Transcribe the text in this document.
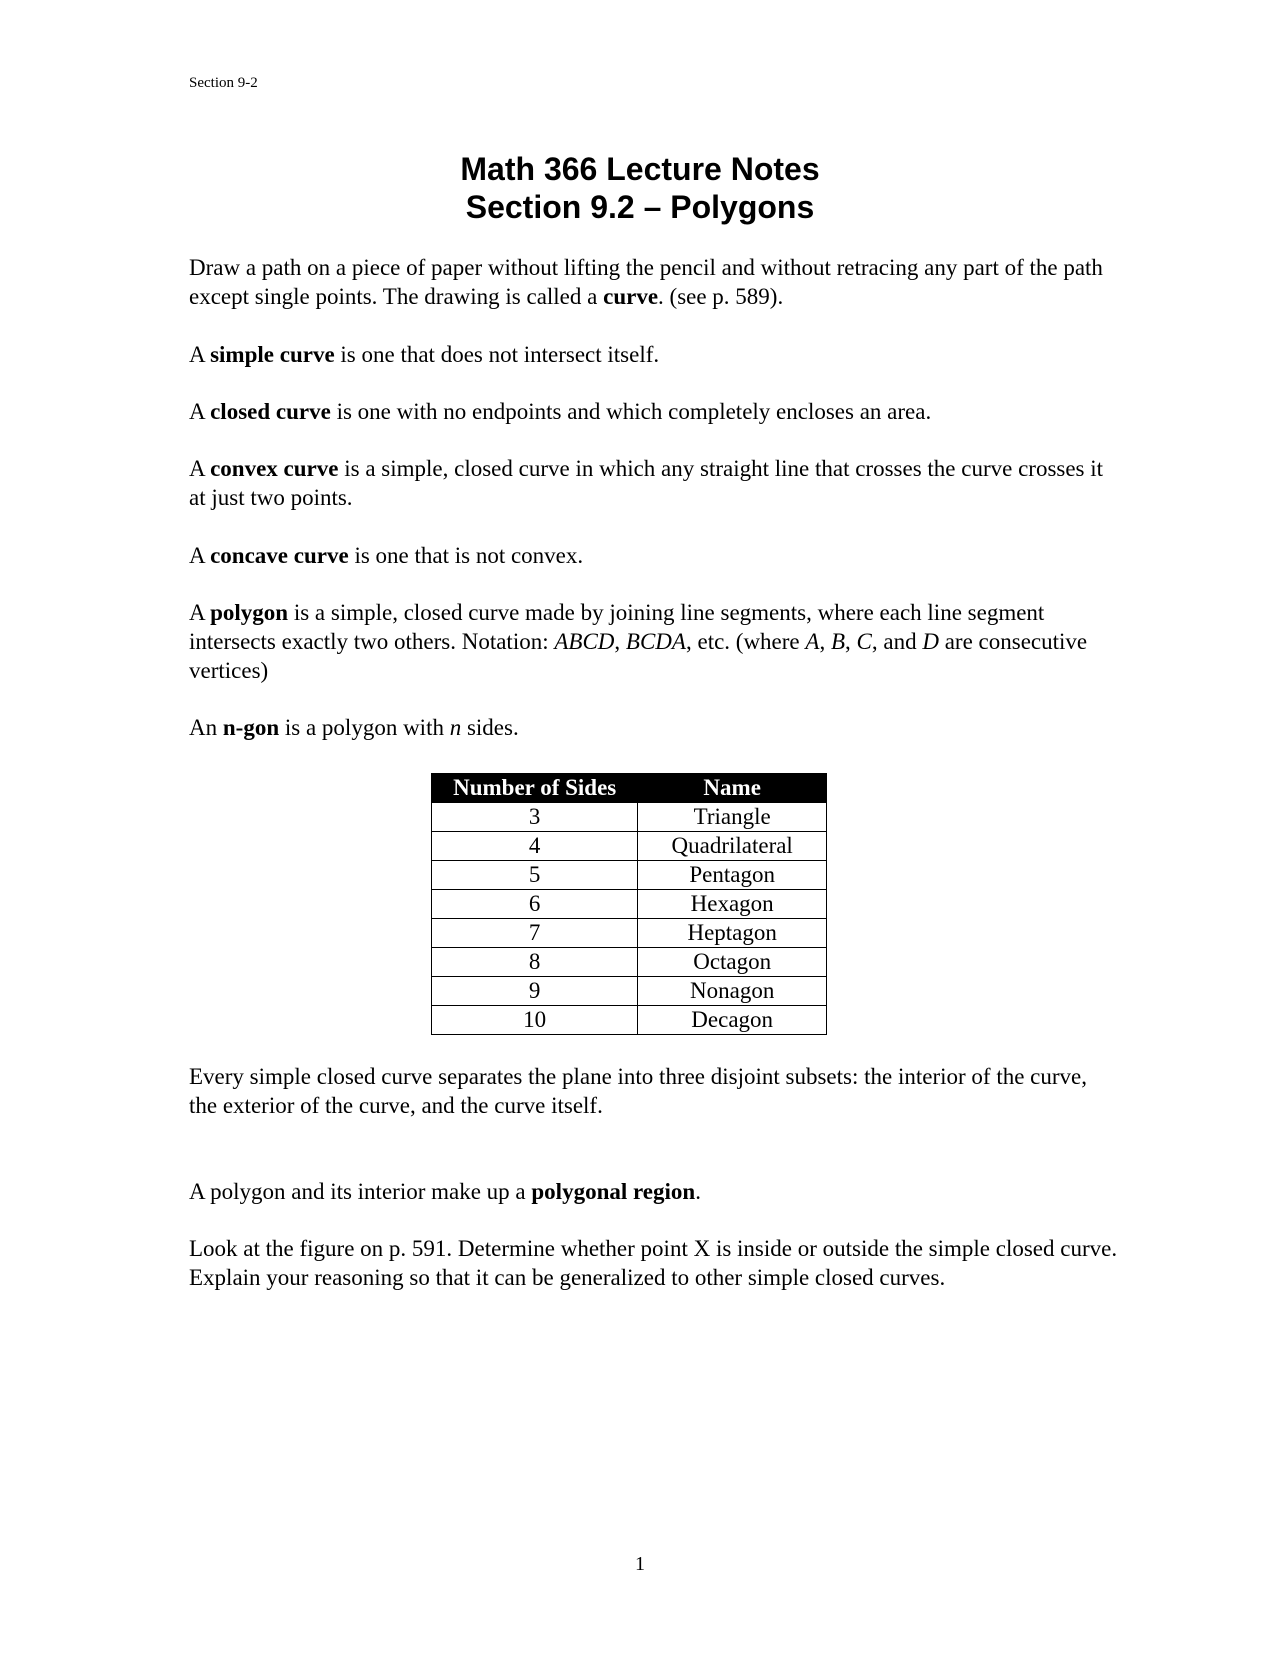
Section 9-2
Math 366 Lecture Notes
Section 9.2 – Polygons

Draw a path on a piece of paper without lifting the pencil and without retracing any part of the path except single points. The drawing is called a curve. (see p. 589).

A simple curve is one that does not intersect itself.

A closed curve is one with no endpoints and which completely encloses an area.

A convex curve is a simple, closed curve in which any straight line that crosses the curve crosses it at just two points.

A concave curve is one that is not convex.

A polygon is a simple, closed curve made by joining line segments, where each line segment intersects exactly two others. Notation: ABCD, BCDA, etc. (where A, B, C, and D are consecutive vertices)

An n-gon is a polygon with n sides.

Number of Sides	Name
3	Triangle
4	Quadrilateral
5	Pentagon
6	Hexagon
7	Heptagon
8	Octagon
9	Nonagon
10	Decagon

Every simple closed curve separates the plane into three disjoint subsets: the interior of the curve, the exterior of the curve, and the curve itself.

A polygon and its interior make up a polygonal region.

Look at the figure on p. 591. Determine whether point X is inside or outside the simple closed curve. Explain your reasoning so that it can be generalized to other simple closed curves.

1
